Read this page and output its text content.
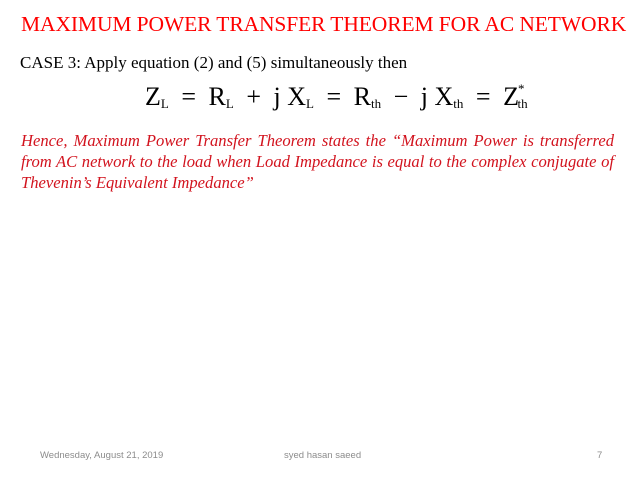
MAXIMUM POWER TRANSFER THEOREM FOR AC NETWORK
CASE 3: Apply equation (2) and (5) simultaneously then
$Z_L = R_L + j$ $X_L = R_{th} - j$ $X_{th} = Z^*_{th}$
Hence, Maximum Power Transfer Theorem states the “Maximum Power is transferred from AC network to the load when Load Impedance is equal to the complex conjugate of Thevenin’s Equivalent Impedance”
Wednesday, August 21, 2019	syed hasan saeed	7
